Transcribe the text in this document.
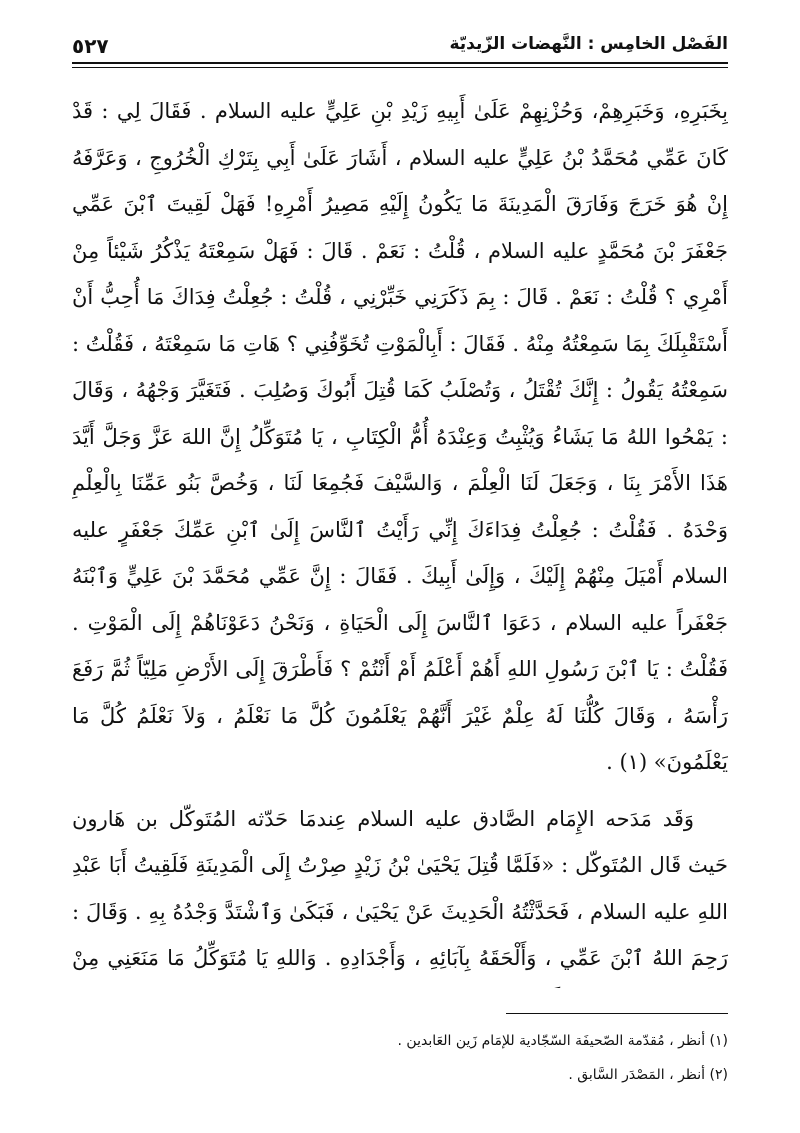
الفَصْل الخامِس : النَّهضات الزّيديّة
٥٢٧

بِخَبَرِهِ، وَخَبَرِهِمْ، وَحُزْنِهِمْ عَلَىٰ أَبِيهِ زَيْدِ بْنِ عَلِيٍّ عليه السلام . فَقَالَ لِي : قَدْ كَانَ عَمِّي مُحَمَّدُ بْنُ عَلِيٍّ عليه السلام ، أَشَارَ عَلَىٰ أَبِي بِتَرْكِ الْخُرُوجِ ، وَعَرَّفَهُ إِنْ هُوَ خَرَجَ وَفَارَقَ الْمَدِينَةَ مَا يَكُونُ إِلَيْهِ مَصِيرُ أَمْرِهِ! فَهَلْ لَقِيتَ ٱبْنَ عَمِّي جَعْفَرَ بْنَ مُحَمَّدٍ عليه السلام ، قُلْتُ : نَعَمْ . قَالَ : فَهَلْ سَمِعْتَهُ يَذْكُرُ شَيْئاً مِنْ أَمْرِي ؟ قُلْتُ : نَعَمْ . قَالَ : بِمَ ذَكَرَنِي خَبِّرْنِي ، قُلْتُ : جُعِلْتُ فِدَاكَ مَا أُحِبُّ أَنْ أَسْتَقْبِلَكَ بِمَا سَمِعْتُهُ مِنْهُ . فَقَالَ : أَبِالْمَوْتِ تُخَوِّفُنِي ؟ هَاتِ مَا سَمِعْتَهُ ، فَقُلْتُ : سَمِعْتُهُ يَقُولُ : إِنَّكَ تُقْتَلُ ، وَتُصْلَبُ كَمَا قُتِلَ أَبُوكَ وَصُلِبَ . فَتَغَيَّرَ وَجْهُهُ ، وَقَالَ : يَمْحُوا اللهُ مَا يَشَاءُ وَيُثْبِتُ وَعِنْدَهُ أُمُّ الْكِتَابِ ، يَا مُتَوَكِّلُ إِنَّ اللهَ عَزَّ وَجَلَّ أَيَّدَ هَذَا الأَمْرَ بِنَا ، وَجَعَلَ لَنَا الْعِلْمَ ، وَالسَّيْفَ فَجُمِعَا لَنَا ، وَخُصَّ بَنُو عَمِّنَا بِالْعِلْمِ وَحْدَهُ . فَقُلْتُ : جُعِلْتُ فِدَاءَكَ إِنِّي رَأَيْتُ ٱلنَّاسَ إِلَىٰ ٱبْنِ عَمِّكَ جَعْفَرٍ عليه السلام أَمْيَلَ مِنْهُمْ إِلَيْكَ ، وَإِلَىٰ أَبِيكَ . فَقَالَ : إِنَّ عَمِّي مُحَمَّدَ بْنَ عَلِيٍّ وَٱبْنَهُ جَعْفَراً عليه السلام ، دَعَوَا ٱلنَّاسَ إِلَى الْحَيَاةِ ، وَنَحْنُ دَعَوْنَاهُمْ إِلَى الْمَوْتِ . فَقُلْتُ : يَا ٱبْنَ رَسُولِ اللهِ أَهُمْ أَعْلَمُ أَمْ أَنْتُمْ ؟ فَأَطْرَقَ إِلَى الأَرْضِ مَلِيّاً ثُمَّ رَفَعَ رَأْسَهُ ، وَقَالَ كُلُّنَا لَهُ عِلْمٌ غَيْرَ أَنَّهُمْ يَعْلَمُونَ كُلَّ مَا نَعْلَمُ ، وَلاَ نَعْلَمُ كُلَّ مَا يَعْلَمُونَ» (١) .

وَقَد مَدَحه الإِمَام الصَّادق عليه السلام عِندمَا حَدّثه المُتَوكّل بن هَارون حَيث قَال المُتَوكّل : «فَلَمَّا قُتِلَ يَحْيَىٰ بْنُ زَيْدٍ صِرْتُ إِلَى الْمَدِينَةِ فَلَقِيتُ أَبَا عَبْدِ اللهِ عليه السلام ، فَحَدَّثْتُهُ الْحَدِيثَ عَنْ يَحْيَىٰ ، فَبَكَىٰ وَٱشْتَدَّ وَجْدُهُ بِهِ . وَقَالَ : رَحِمَ اللهُ ٱبْنَ عَمِّي ، وَأَلْحَقَهُ بِآبَائِهِ ، وَأَجْدَادِهِ . وَاللهِ يَا مُتَوَكِّلُ مَا مَنَعَنِي مِنْ

(١) أنظر ، مُقدّمة الصّحيفَة السّجّادية للإمَام زَين العَابدين .

(٢) أنظر ، المَصْدَر السَّابق .
